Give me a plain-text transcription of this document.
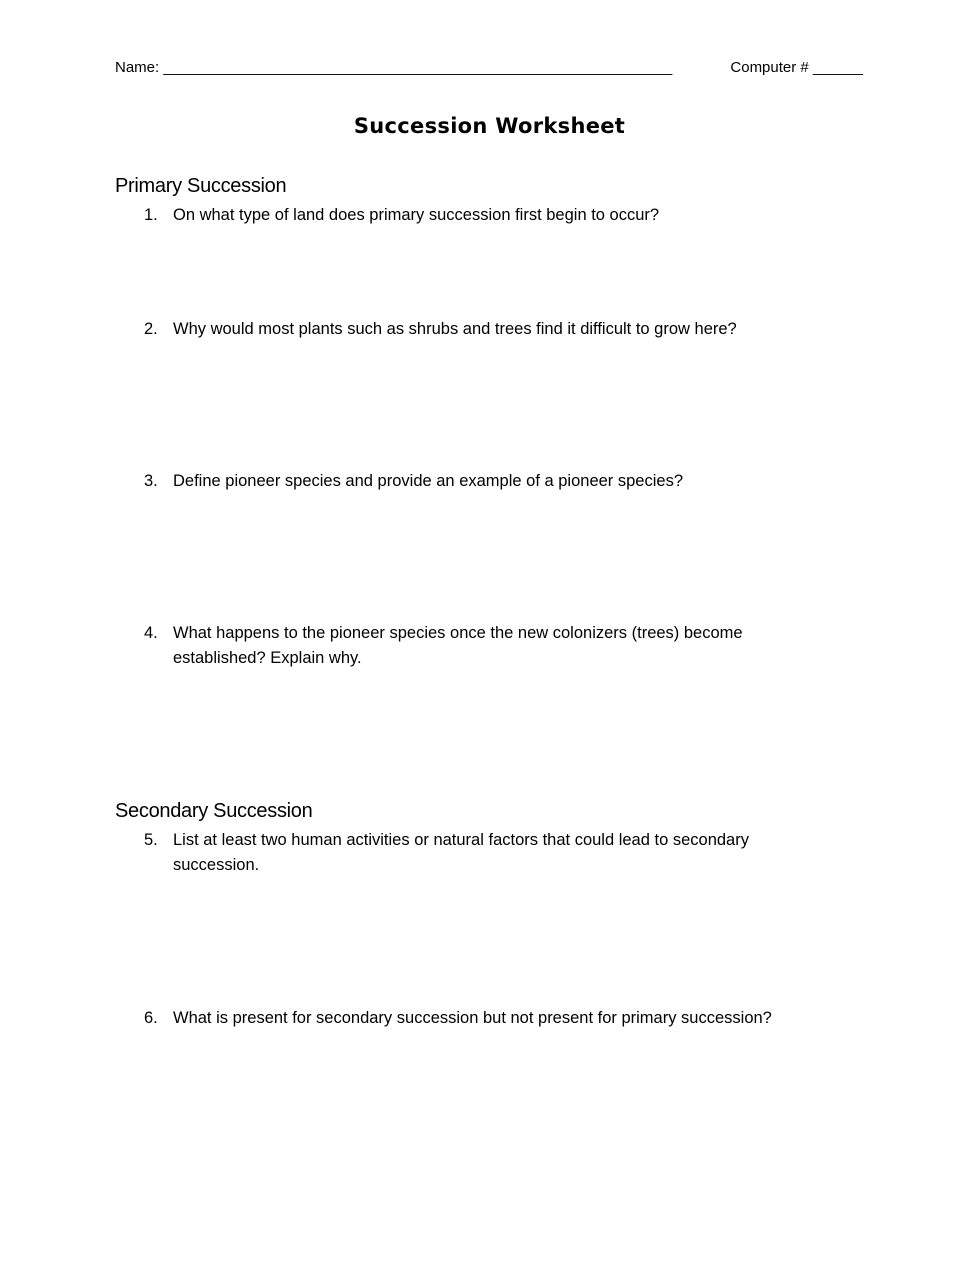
Name: _____________________________________________________________	Computer # ______
Succession Worksheet
Primary Succession
1. On what type of land does primary succession first begin to occur?
2. Why would most plants such as shrubs and trees find it difficult to grow here?
3. Define pioneer species and provide an example of a pioneer species?
4. What happens to the pioneer species once the new colonizers (trees) become established? Explain why.
Secondary Succession
5. List at least two human activities or natural factors that could lead to secondary succession.
6. What is present for secondary succession but not present for primary succession?
